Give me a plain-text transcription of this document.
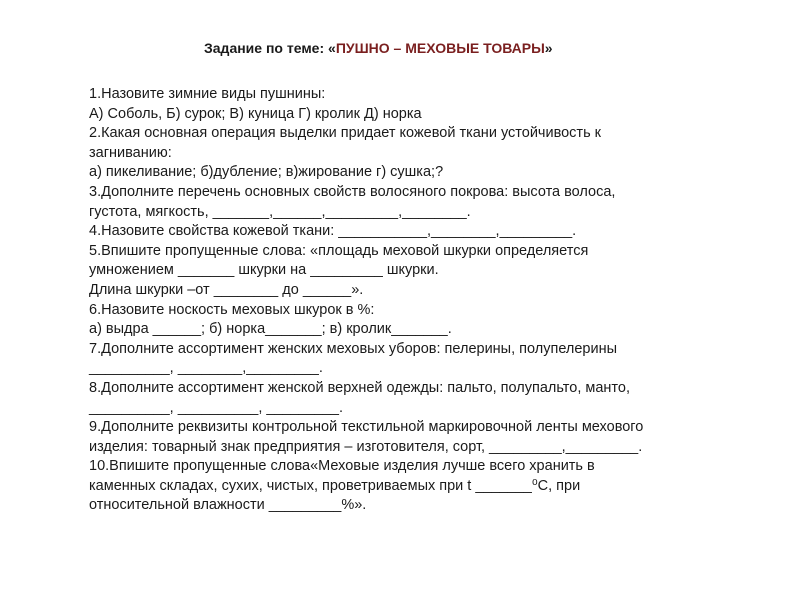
Задание по теме: «ПУШНО – МЕХОВЫЕ ТОВАРЫ»
1.Назовите зимние виды пушнины:
А) Соболь, Б) сурок; В) куница Г) кролик Д) норка
2.Какая основная операция выделки придает кожевой ткани устойчивость к
загниванию:
а) пикеливание; б)дубление; в)жирование г) сушка;?
3.Дополните перечень основных свойств волосяного покрова: высота волоса,
густота, мягкость, _______,______,_________,________.
4.Назовите свойства кожевой ткани: ___________,________,_________.
5.Впишите пропущенные слова: «площадь меховой шкурки определяется
умножением _______ шкурки на _________ шкурки.
Длина шкурки –от ________ до ______».
6.Назовите носкость меховых шкурок в %:
а) выдра ______; б) норка_______; в) кролик_______.
7.Дополните ассортимент женских меховых уборов: пелерины, полупелерины
__________, ________,_________.
8.Дополните ассортимент женской верхней одежды: пальто, полупальто, манто,
__________, __________, _________.
9.Дополните реквизиты контрольной текстильной маркировочной ленты мехового
изделия: товарный знак предприятия – изготовителя, сорт, _________,_________.
10.Впишите пропущенные слова«Меховые изделия лучше всего хранить в
каменных складах, сухих, чистых, проветриваемых при t _______⁰С, при
относительной влажности _________%».
